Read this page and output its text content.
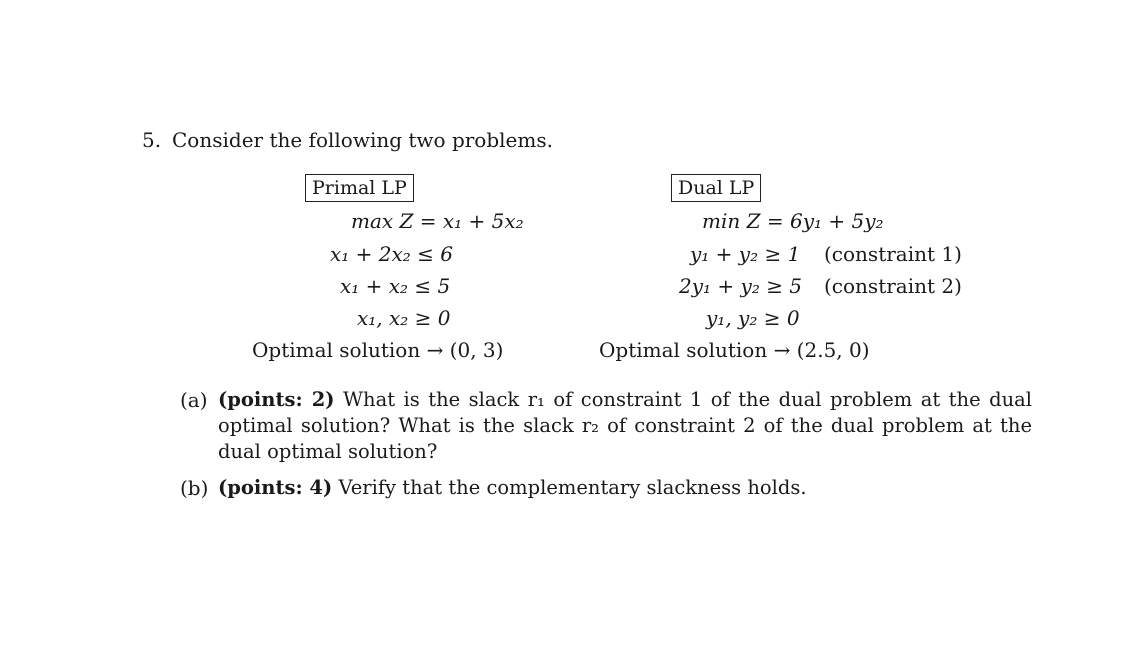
5. Consider the following two problems.
Primal LP
max Z = x₁ + 5x₂
x₁ + 2x₂ ≤ 6
x₁ + x₂ ≤ 5
x₁, x₂ ≥ 0
Optimal solution → (0, 3)
Dual LP
min Z = 6y₁ + 5y₂
y₁ + y₂ ≥ 1 (constraint 1)
2y₁ + y₂ ≥ 5 (constraint 2)
y₁, y₂ ≥ 0
Optimal solution → (2.5, 0)
(a) (points: 2) What is the slack r₁ of constraint 1 of the dual problem at the dual optimal solution? What is the slack r₂ of constraint 2 of the dual problem at the dual optimal solution?
(b) (points: 4) Verify that the complementary slackness holds.
